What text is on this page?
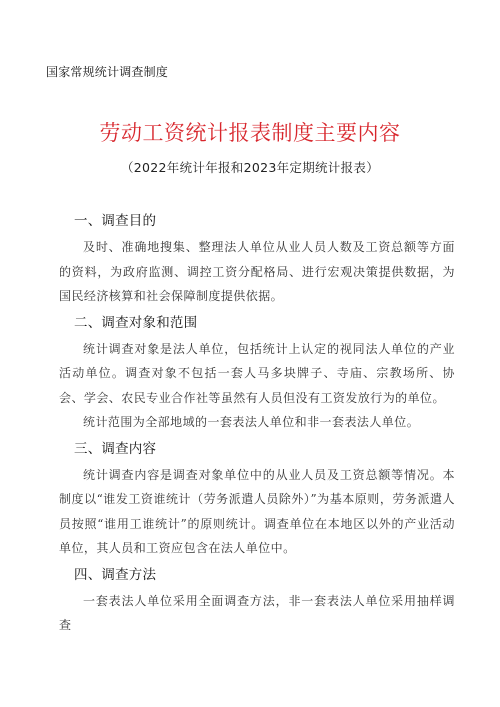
国家常规统计调查制度
劳动工资统计报表制度主要内容
（2022年统计年报和2023年定期统计报表）
一、调查目的

及时、准确地搜集、整理法人单位从业人员人数及工资总额等方面的资料，为政府监测、调控工资分配格局、进行宏观决策提供数据，为国民经济核算和社会保障制度提供依据。

二、调查对象和范围

统计调查对象是法人单位，包括统计上认定的视同法人单位的产业活动单位。调查对象不包括一套人马多块牌子、寺庙、宗教场所、协会、学会、农民专业合作社等虽然有人员但没有工资发放行为的单位。

统计范围为全部地域的一套表法人单位和非一套表法人单位。

三、调查内容

统计调查内容是调查对象单位中的从业人员及工资总额等情况。本制度以“谁发工资谁统计（劳务派遣人员除外）”为基本原则，劳务派遣人员按照“谁用工谁统计”的原则统计。调查单位在本地区以外的产业活动单位，其人员和工资应包含在法人单位中。

四、调查方法

一套表法人单位采用全面调查方法，非一套表法人单位采用抽样调查
